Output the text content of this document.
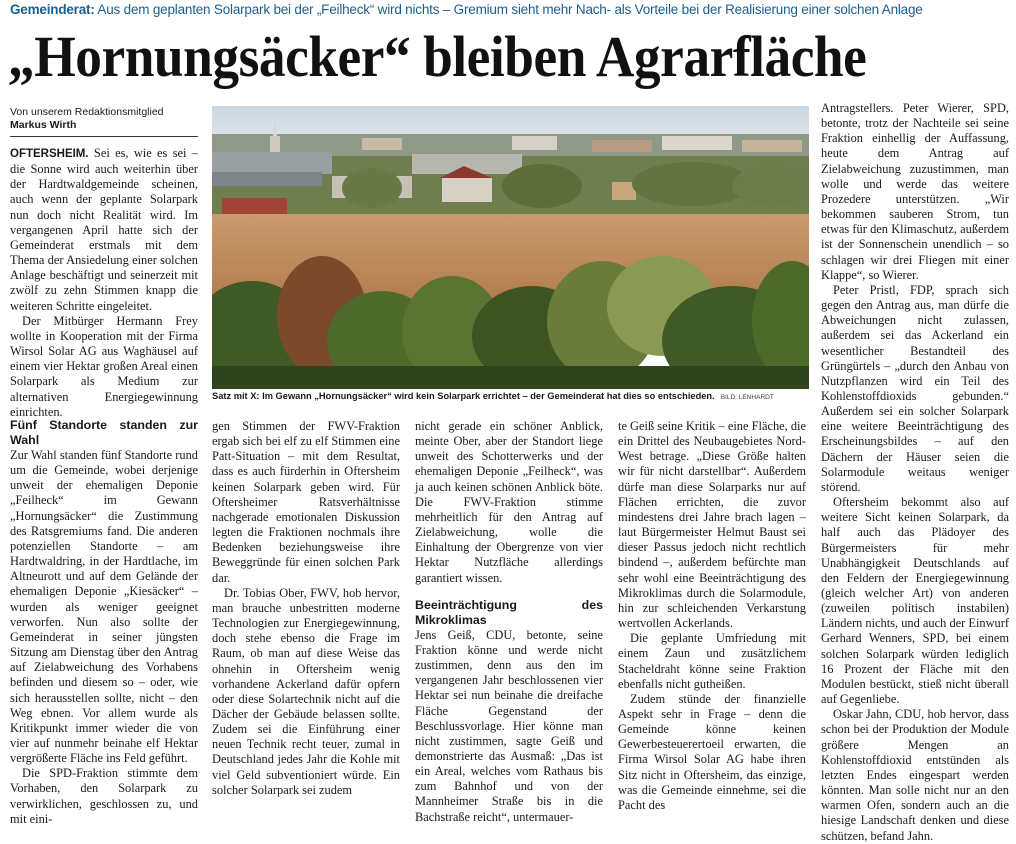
Gemeinderat: Aus dem geplanten Solarpark bei der „Feilheck“ wird nichts – Gremium sieht mehr Nach- als Vorteile bei der Realisierung einer solchen Anlage
„Hornungsäcker“ bleiben Agrarfläche
Von unserem Redaktionsmitglied
Markus Wirth
Satz mit X: Im Gewann „Hornungsäcker“ wird kein Solarpark errichtet – der Gemeinderat hat dies so entschieden. BILD: LENHARDT

OFTERSHEIM. Sei es, wie es sei – die Sonne wird auch weiterhin über der Hardtwaldgemeinde scheinen, auch wenn der geplante Solarpark nun doch nicht Realität wird. Im vergangenen April hatte sich der Gemeinderat erstmals mit dem Thema der Ansiedelung einer solchen Anlage beschäftigt und seinerzeit mit zwölf zu zehn Stimmen knapp die weiteren Schritte eingeleitet.

Der Mitbürger Hermann Frey wollte in Kooperation mit der Firma Wirsol Solar AG aus Waghäusel auf einem vier Hektar großen Areal einen Solarpark als Medium zur alternativen Energiegewinnung einrichten.

Fünf Standorte standen zur Wahl

Zur Wahl standen fünf Standorte rund um die Gemeinde, wobei derjenige unweit der ehemaligen Deponie „Feilheck“ im Gewann „Hornungsäcker“ die Zustimmung des Ratsgremiums fand. Die anderen potenziellen Standorte – am Hardtwaldring, in der Hardtlache, im Altneurott und auf dem Gelände der ehemaligen Deponie „Kiesäcker“ – wurden als weniger geeignet verworfen. Nun also sollte der Gemeinderat in seiner jüngsten Sitzung am Dienstag über den Antrag auf Zielabweichung des Vorhabens befinden und diesem so – oder, wie sich herausstellen sollte, nicht – den Weg ebnen. Vor allem wurde als Kritikpunkt immer wieder die von vier auf nunmehr beinahe elf Hektar vergrößerte Fläche ins Feld geführt.

Die SPD-Fraktion stimmte dem Vorhaben, den Solarpark zu verwirklichen, geschlossen zu, und mit eini-

gen Stimmen der FWV-Fraktion ergab sich bei elf zu elf Stimmen eine Patt-Situation – mit dem Resultat, dass es auch fürderhin in Oftersheim keinen Solarpark geben wird. Für Oftersheimer Ratsverhältnisse nachgerade emotionalen Diskussion legten die Fraktionen nochmals ihre Bedenken beziehungsweise ihre Beweggründe für einen solchen Park dar.

Dr. Tobias Ober, FWV, hob hervor, man brauche unbestritten moderne Technologien zur Energiegewinnung, doch stehe ebenso die Frage im Raum, ob man auf diese Weise das ohnehin in Oftersheim wenig vorhandene Ackerland dafür opfern oder diese Solartechnik nicht auf die Dächer der Gebäude belassen sollte. Zudem sei die Einführung einer neuen Technik recht teuer, zumal in Deutschland jedes Jahr die Kohle mit viel Geld subventioniert würde. Ein solcher Solarpark sei zudem

nicht gerade ein schöner Anblick, meinte Ober, aber der Standort liege unweit des Schotterwerks und der ehemaligen Deponie „Feilheck“, was ja auch keinen schönen Anblick böte. Die FWV-Fraktion stimme mehrheitlich für den Antrag auf Zielabweichung, wolle die Einhaltung der Obergrenze von vier Hektar Nutzfläche allerdings garantiert wissen.

Beeinträchtigung des Mikroklimas

Jens Geiß, CDU, betonte, seine Fraktion könne und werde nicht zustimmen, denn aus den im vergangenen Jahr beschlossenen vier Hektar sei nun beinahe die dreifache Fläche Gegenstand der Beschlussvorlage. Hier könne man nicht zustimmen, sagte Geiß und demonstrierte das Ausmaß: „Das ist ein Areal, welches vom Rathaus bis zum Bahnhof und von der Mannheimer Straße bis in die Bachstraße reicht“, untermauer-

te Geiß seine Kritik – eine Fläche, die ein Drittel des Neubaugebietes Nord-West betrage. „Diese Größe halten wir für nicht darstellbar“. Außerdem dürfe man diese Solarparks nur auf Flächen errichten, die zuvor mindestens drei Jahre brach lagen – laut Bürgermeister Helmut Baust sei dieser Passus jedoch nicht rechtlich bindend –, außerdem befürchte man sehr wohl eine Beeinträchtigung des Mikroklimas durch die Solarmodule, hin zur schleichenden Verkarstung wertvollen Ackerlands.

Die geplante Umfriedung mit einem Zaun und zusätzlichem Stacheldraht könne seine Fraktion ebenfalls nicht gutheißen.

Zudem stünde der finanzielle Aspekt sehr in Frage – denn die Gemeinde könne keinen Gewerbesteuerertoeil erwarten, die Firma Wirsol Solar AG habe ihren Sitz nicht in Oftersheim, das einzige, was die Gemeinde einnehme, sei die Pacht des

Antragstellers. Peter Wierer, SPD, betonte, trotz der Nachteile sei seine Fraktion einhellig der Auffassung, heute dem Antrag auf Zielabweichung zuzustimmen, man wolle und werde das weitere Prozedere unterstützen. „Wir bekommen sauberen Strom, tun etwas für den Klimaschutz, außerdem ist der Sonnenschein unendlich – so schlagen wir drei Fliegen mit einer Klappe“, so Wierer.

Peter Pristl, FDP, sprach sich gegen den Antrag aus, man dürfe die Abweichungen nicht zulassen, außerdem sei das Ackerland ein wesentlicher Bestandteil des Grüngürtels – „durch den Anbau von Nutzpflanzen wird ein Teil des Kohlenstoffdioxids gebunden.“ Außerdem sei ein solcher Solarpark eine weitere Beeinträchtigung des Erscheinungsbildes – auf den Dächern der Häuser seien die Solarmodule weitaus weniger störend.

Oftersheim bekommt also auf weitere Sicht keinen Solarpark, da half auch das Plädoyer des Bürgermeisters für mehr Unabhängigkeit Deutschlands auf den Feldern der Energiegewinnung (gleich welcher Art) von anderen (zuweilen politisch instabilen) Ländern nichts, und auch der Einwurf Gerhard Wenners, SPD, bei einem solchen Solarpark würden lediglich 16 Prozent der Fläche mit den Modulen bestückt, stieß nicht überall auf Gegenliebe.

Oskar Jahn, CDU, hob hervor, dass schon bei der Produktion der Module größere Mengen an Kohlenstoffdioxid entstünden als letzten Endes eingespart werden könnten. Man solle nicht nur an den warmen Ofen, sondern auch an die hiesige Landschaft denken und diese schützen, befand Jahn.
